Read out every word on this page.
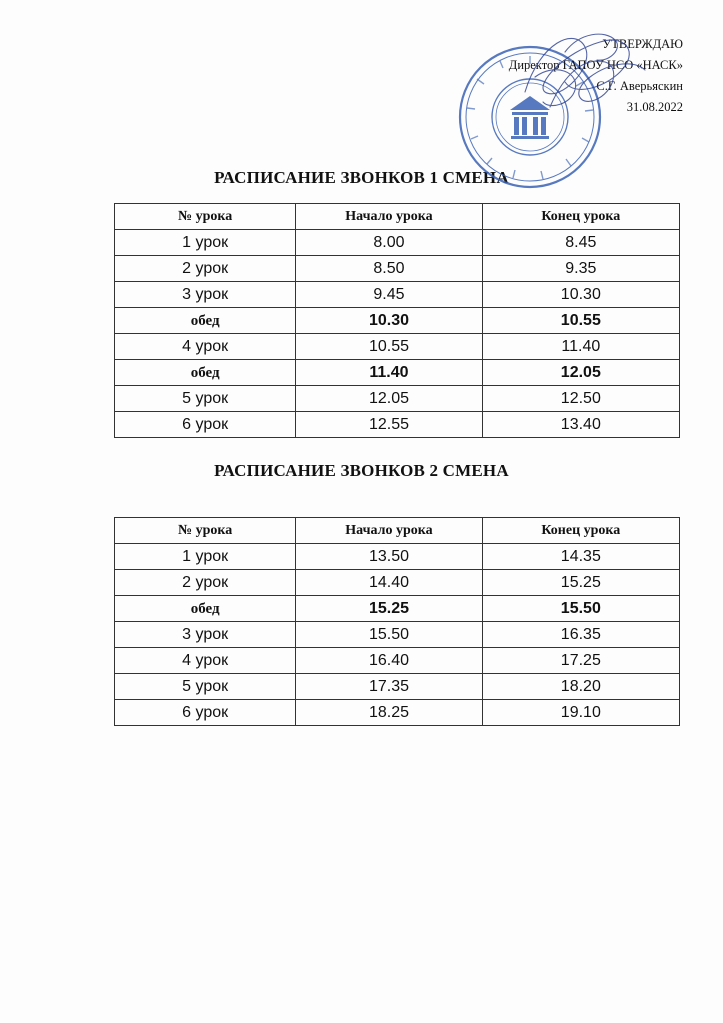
УТВЕРЖДАЮ
Директор ГАПОУ НСО «НАСК»
С.Г. Аверьяскин
31.08.2022
РАСПИСАНИЕ ЗВОНКОВ 1 СМЕНА
№ урока	Начало урока	Конец урока
1 урок	8.00	8.45
2 урок	8.50	9.35
3 урок	9.45	10.30
обед	10.30	10.55
4 урок	10.55	11.40
обед	11.40	12.05
5 урок	12.05	12.50
6 урок	12.55	13.40
РАСПИСАНИЕ ЗВОНКОВ 2 СМЕНА
№ урока	Начало урока	Конец урока
1 урок	13.50	14.35
2 урок	14.40	15.25
обед	15.25	15.50
3 урок	15.50	16.35
4 урок	16.40	17.25
5 урок	17.35	18.20
6 урок	18.25	19.10
